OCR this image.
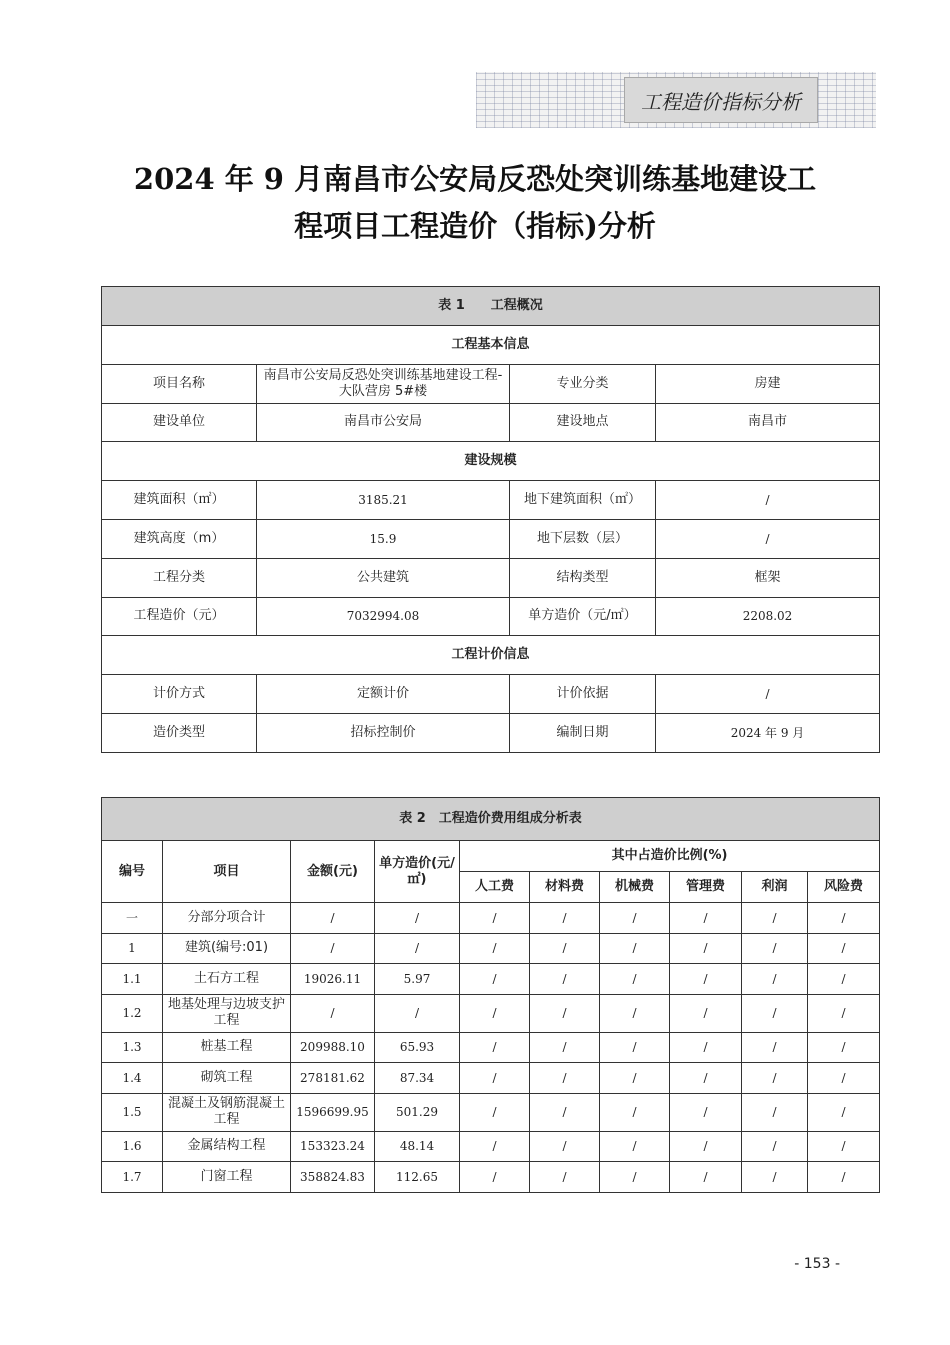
工程造价指标分析
2024 年 9 月南昌市公安局反恐处突训练基地建设工
程项目工程造价（指标)分析
表 1　　工程概况			
工程基本信息			
项目名称	南昌市公安局反恐处突训练基地建设工程-大队营房 5#楼	专业分类	房建
建设单位	南昌市公安局	建设地点	南昌市
建设规模			
建筑面积（㎡）	3185.21	地下建筑面积（㎡）	/
建筑高度（m）	15.9	地下层数（层）	/
工程分类	公共建筑	结构类型	框架
工程造价（元）	7032994.08	单方造价（元/㎡）	2208.02
工程计价信息			
计价方式	定额计价	计价依据	/
造价类型	招标控制价	编制日期	2024 年 9 月
表 2　工程造价费用组成分析表									
编号	项目	金额(元)	单方造价(元/㎡)	其中占造价比例(%)					
				人工费	材料费	机械费	管理费	利润	风险费
一	分部分项合计	/	/	/	/	/	/	/	/
1	建筑(编号:01)	/	/	/	/	/	/	/	/
1.1	土石方工程	19026.11	5.97	/	/	/	/	/	/
1.2	地基处理与边坡支护工程	/	/	/	/	/	/	/	/
1.3	桩基工程	209988.10	65.93	/	/	/	/	/	/
1.4	砌筑工程	278181.62	87.34	/	/	/	/	/	/
1.5	混凝土及钢筋混凝土工程	1596699.95	501.29	/	/	/	/	/	/
1.6	金属结构工程	153323.24	48.14	/	/	/	/	/	/
1.7	门窗工程	358824.83	112.65	/	/	/	/	/	/
- 153 -
